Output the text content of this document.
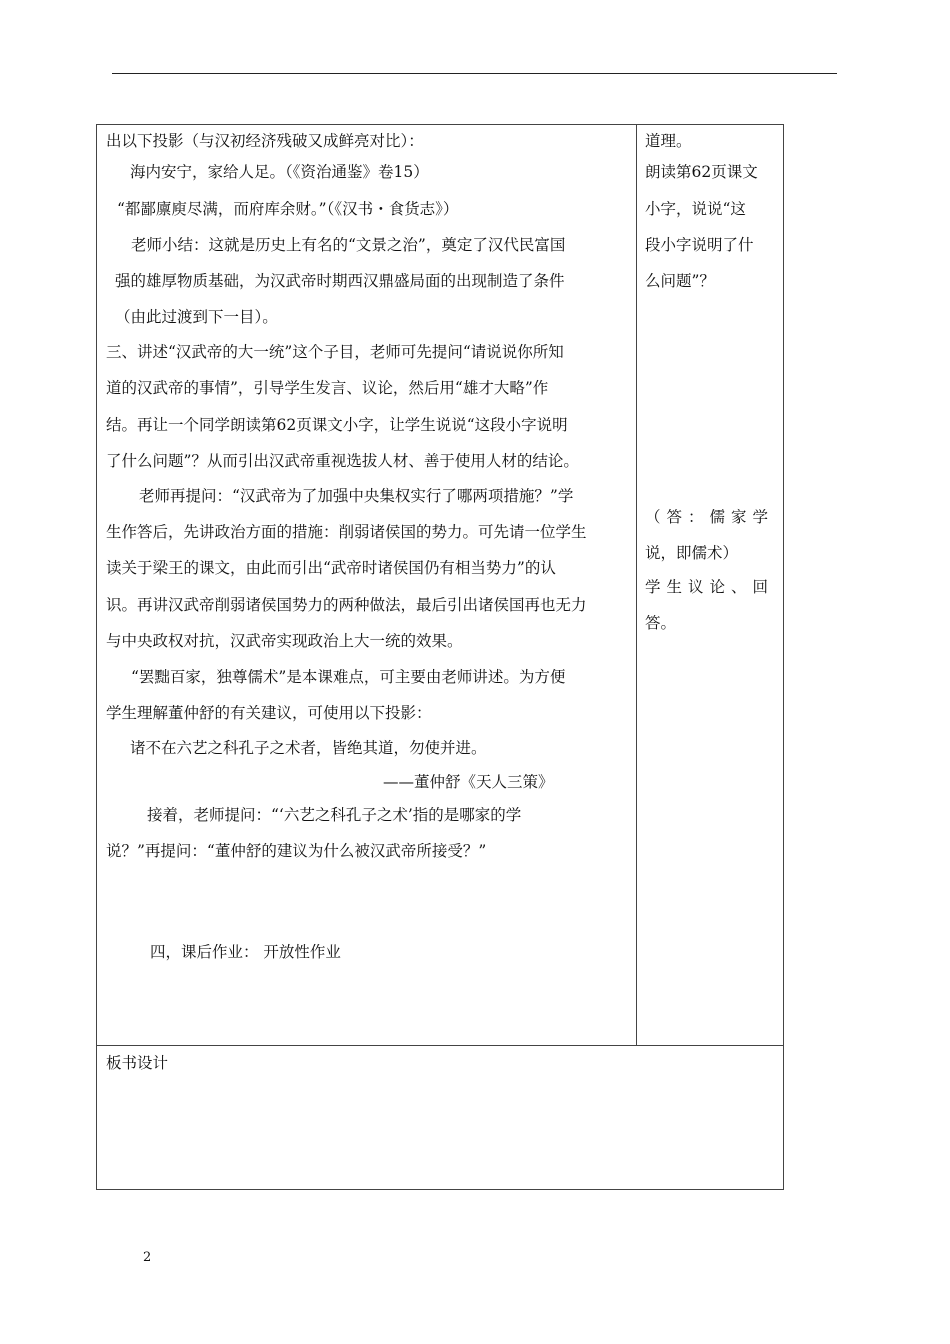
出以下投影（与汉初经济残破又成鲜亮对比）：
海内安宁，家给人足。（《资治通鉴》卷15）
“都鄙廪庾尽满，而府库余财。”（《汉书・食货志》）
老师小结：这就是历史上有名的“文景之治”，奠定了汉代民富国
强的雄厚物质基础，为汉武帝时期西汉鼎盛局面的出现制造了条件
（由此过渡到下一目）。
三、讲述“汉武帝的大一统”这个子目，老师可先提问“请说说你所知
道的汉武帝的事情”，引导学生发言、议论，然后用“雄才大略”作
结。再让一个同学朗读第62页课文小字，让学生说说“这段小字说明
了什么问题”？从而引出汉武帝重视选拔人材、善于使用人材的结论。
老师再提问：“汉武帝为了加强中央集权实行了哪两项措施？”学
生作答后，先讲政治方面的措施：削弱诸侯国的势力。可先请一位学生
读关于梁王的课文，由此而引出“武帝时诸侯国仍有相当势力”的认
识。再讲汉武帝削弱诸侯国势力的两种做法，最后引出诸侯国再也无力
与中央政权对抗，汉武帝实现政治上大一统的效果。
“罢黜百家，独尊儒术”是本课难点，可主要由老师讲述。为方便
学生理解董仲舒的有关建议，可使用以下投影：
诸不在六艺之科孔子之术者，皆绝其道，勿使并进。
——董仲舒《天人三策》
接着，老师提问：“‘六艺之科孔子之术’指的是哪家的学
说？”再提问：“董仲舒的建议为什么被汉武帝所接受？”
四，课后作业： 开放性作业
道理。
朗读第62页课文
小字，说说“这
段小字说明了什
么问题”？
（答：儒家学
说，即儒术）
学生议论、回
答。
板书设计
2
